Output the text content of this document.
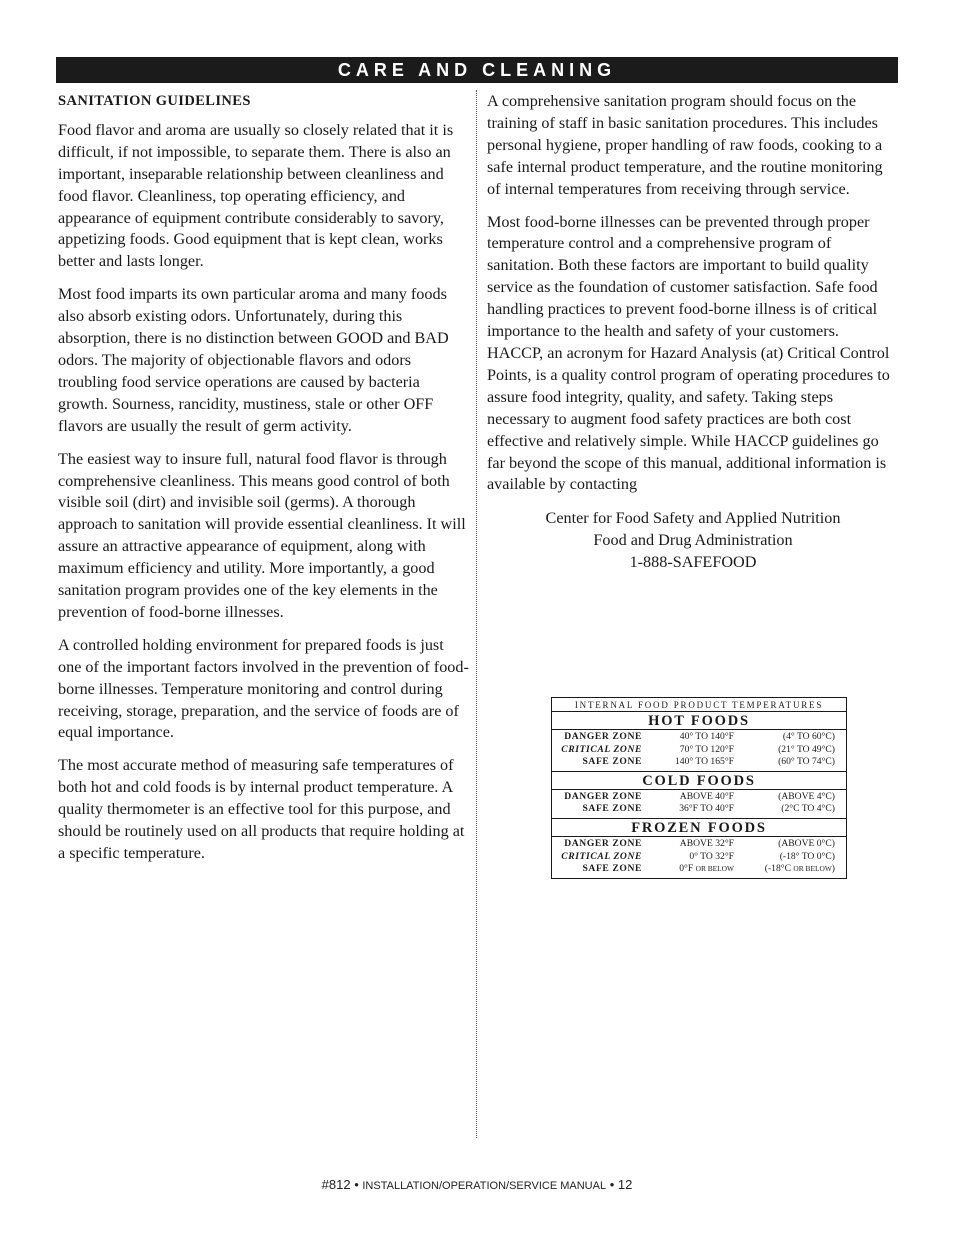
CARE AND CLEANING
SANITATION GUIDELINES

Food flavor and aroma are usually so closely related that it is difficult, if not impossible, to separate them. There is also an important, inseparable relationship between cleanliness and food flavor. Cleanliness, top operating efficiency, and appearance of equipment contribute considerably to savory, appetizing foods. Good equipment that is kept clean, works better and lasts longer.

Most food imparts its own particular aroma and many foods also absorb existing odors. Unfortunately, during this absorption, there is no distinction between GOOD and BAD odors. The majority of objectionable flavors and odors troubling food service operations are caused by bacteria growth. Sourness, rancidity, mustiness, stale or other OFF flavors are usually the result of germ activity.

The easiest way to insure full, natural food flavor is through comprehensive cleanliness. This means good control of both visible soil (dirt) and invisible soil (germs). A thorough approach to sanitation will provide essential cleanliness. It will assure an attractive appearance of equipment, along with maximum efficiency and utility. More importantly, a good sanitation program provides one of the key elements in the prevention of food-borne illnesses.

A controlled holding environment for prepared foods is just one of the important factors involved in the prevention of food-borne illnesses. Temperature monitoring and control during receiving, storage, preparation, and the service of foods are of equal importance.

The most accurate method of measuring safe temperatures of both hot and cold foods is by internal product temperature. A quality thermometer is an effective tool for this purpose, and should be routinely used on all products that require holding at a specific temperature.

A comprehensive sanitation program should focus on the training of staff in basic sanitation procedures. This includes personal hygiene, proper handling of raw foods, cooking to a safe internal product temperature, and the routine monitoring of internal temperatures from receiving through service.

Most food-borne illnesses can be prevented through proper temperature control and a comprehensive program of sanitation. Both these factors are important to build quality service as the foundation of customer satisfaction. Safe food handling practices to prevent food-borne illness is of critical importance to the health and safety of your customers. HACCP, an acronym for Hazard Analysis (at) Critical Control Points, is a quality control program of operating procedures to assure food integrity, quality, and safety. Taking steps necessary to augment food safety practices are both cost effective and relatively simple. While HACCP guidelines go far beyond the scope of this manual, additional information is available by contacting

Center for Food Safety and Applied Nutrition
Food and Drug Administration
1-888-SAFEFOOD
INTERNAL FOOD PRODUCT TEMPERATURES
HOT FOODS
DANGER ZONE	40° TO 140°F	(4° TO 60°C)
CRITICAL ZONE	70° TO 120°F	(21° TO 49°C)
SAFE ZONE	140° TO 165°F	(60° TO 74°C)
COLD FOODS
DANGER ZONE	ABOVE 40°F	(ABOVE 4°C)
SAFE ZONE	36°F TO 40°F	(2°C TO 4°C)
FROZEN FOODS
DANGER ZONE	ABOVE 32°F	(ABOVE 0°C)
CRITICAL ZONE	0° TO 32°F	(-18° TO 0°C)
SAFE ZONE	0°F OR BELOW	(-18°C OR BELOW)
#812 • INSTALLATION/OPERATION/SERVICE MANUAL • 12
